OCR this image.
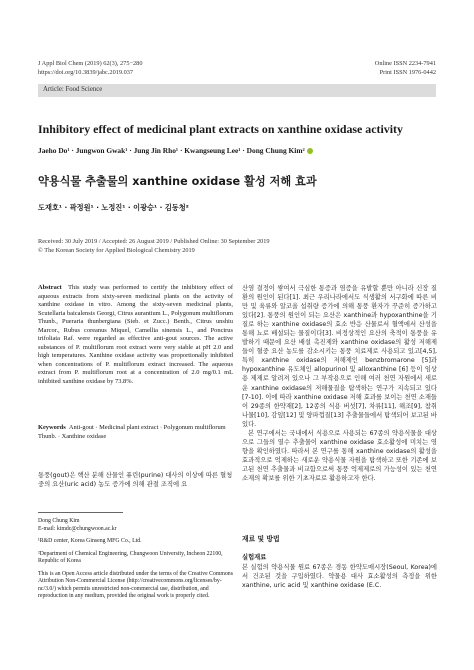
J Appl Biol Chem (2019) 62(3), 275−280
https://doi.org/10.3839/jabc.2019.037
Online ISSN 2234-7941
Print ISSN 1976-0442
Article: Food Science
Inhibitory effect of medicinal plant extracts on xanthine oxidase activity
Jaeho Do¹ · Jungwon Gwak¹ · Jung Jin Rho¹ · Kwangseung Lee¹ · Dong Chung Kim²
약용식물 추출물의 xanthine oxidase 활성 저해 효과
도재호¹ · 곽정원¹ · 노정진¹ · 이광승¹ · 김동청²
Received: 30 July 2019 / Accepted: 26 August 2019 / Published Online: 30 September 2019
© The Korean Society for Applied Biological Chemistry 2019
Abstract This study was performed to certify the inhibitory effect of aqueous extracts from sixty-seven medicinal plants on the activity of xanthine oxidase in vitro. Among the sixty-seven medicinal plants, Scutellaria baicalensis Georgi, Citrus aurantium L., Polygonum multiflorum Thunb., Pueraria thunbergiana (Sieb. et Zucc.) Benth., Citrus unshiu Marcor., Rubus coreanus Miquel, Camellia sinensis L., and Poncirus trifoliata Raf. were regarded as effective anti-gout sources. The active substances of P. multiflorum root extract were very stable at pH 2.0 and high temperatures. Xanthine oxidase activity was proportionally inhibited when concentrations of P. multiflorum extract increased. The aqueous extract from P. multiflorum root at a concentration of 2.0 mg/0.1 mL inhibited xanthine oxidase by 73.8%.
Keywords Anti-gout · Medicinal plant extract · Polygonum multiflorum Thunb. · Xanthine oxidase
통풍(gout)은 핵산 분해 산물인 퓨린(purine) 대사의 이상에 따른 혈청 중의 요산(uric acid) 농도 증가에 의해 관절 조직에 요

Dong Chung Kim
E-mail: kimdc@chungwoon.ac.kr

¹R&D center, Korea Ginseng MFG Co., Ltd.

²Department of Chemical Engineering, Chungwoon University, Incheon 22100, Republic of Korea

This is an Open Access article distributed under the terms of the Creative Commons Attribution Non-Commercial License (http://creativecommons.org/licenses/by-nc/3.0/) which permits unrestricted non-commercial use, distribution, and reproduction in any medium, provided the original work is properly cited.

산염 결정이 쌓여서 극심한 통증과 염증을 유발할 뿐만 아니라 신장 질환의 원인이 된다[1]. 최근 우리나라에서도 식생활의 서구화에 따른 비만 및 육류와 알코올 섭취량 증가에 의해 통풍 환자가 꾸준히 증가하고 있다[2]. 통풍의 원인이 되는 요산은 xanthine과 hypoxanthine을 기질로 하는 xanthine oxidase의 효소 반응 산물로서 혈액에서 산성을 통해 뇨로 배설되는 물질이다[3]. 비정상적인 요산의 축적이 통풍을 유발하기 때문에 요산 배설 촉진제와 xanthine oxidase의 활성 저해제들이 혈중 요산 농도를 감소시키는 통풍 치료제로 사용되고 있고[4,5], 특히 xanthine oxidase의 저해제인 benzbromarone [5]과 hypoxanthine 유도체인 allopurinol 및 alloxanthine [6] 등이 임상용 제제로 알려져 있으나 그 부작용으로 인해 여러 천연 자원에서 새로운 xanthine oxidase의 저해물질을 탐색하는 연구가 지속되고 있다[7-10]. 이에 따라 xanthine oxidase 저해 효과를 보이는 천연 소재들이 29종의 한약재[2], 12종의 식용 버섯[7], 차류[11], 해조[9], 참취나물[10], 감잎[12] 및 양파껍질[13] 추출물들에서 탐색되어 보고된 바 있다.

본 연구에서는 국내에서 식용으로 사용되는 67종의 약용식물을 대상으로 그들의 열수 추출물이 xanthine oxidase 효소활성에 미치는 영향을 확인하였다. 따라서 본 연구를 통해 xanthine oxidase의 활성을 효과적으로 억제하는 새로운 약용식물 자원을 탐색하고 또한 기존에 보고된 천연 추출물과 비교함으로써 통풍 억제제로의 가능성이 있는 천연 소재의 확보를 위한 기초자료로 활용하고자 한다.

재료 및 방법
실험재료
본 실험의 약용식물 원료 67종은 경동 한약도매시장(Seoul, Korea)에서 건조된 것을 구입하였다. 약물용 대사 효소활성의 측정을 위한 xanthine, uric acid 및 xanthine oxidase (E.C.
